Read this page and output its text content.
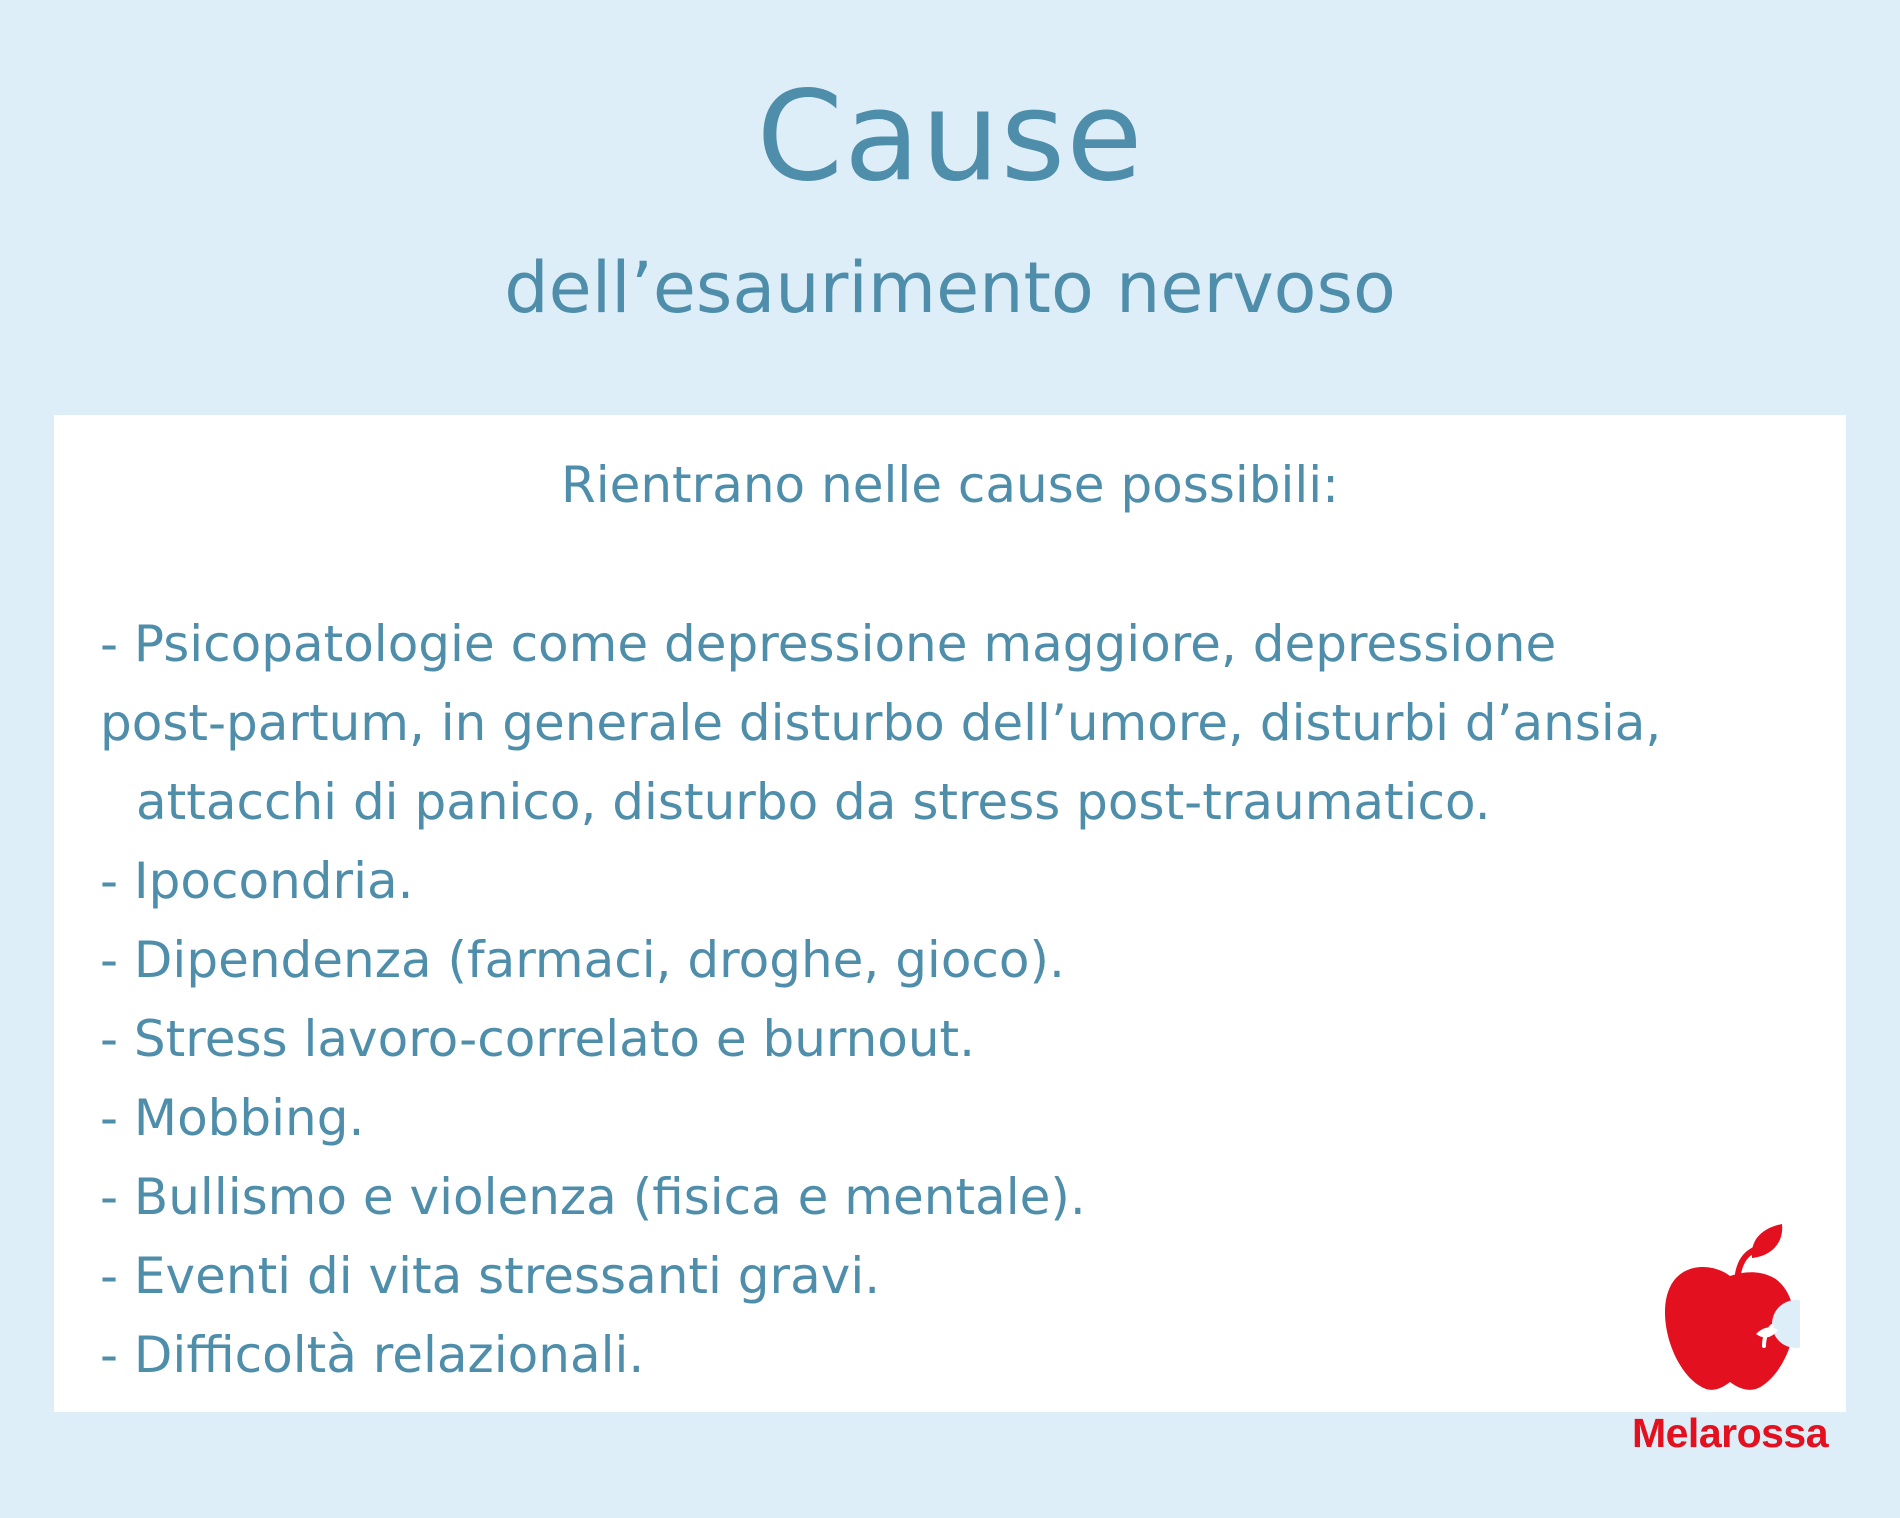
Cause
dell’esaurimento nervoso
Rientrano nelle cause possibili:
- Psicopatologie come depressione maggiore, depressione
post-partum, in generale disturbo dell’umore, disturbi d’ansia,
attacchi di panico, disturbo da stress post-traumatico.
- Ipocondria.
- Dipendenza (farmaci, droghe, gioco).
- Stress lavoro-correlato e burnout.
- Mobbing.
- Bullismo e violenza (fisica e mentale).
- Eventi di vita stressanti gravi.
- Difficoltà relazionali.
Melarossa
